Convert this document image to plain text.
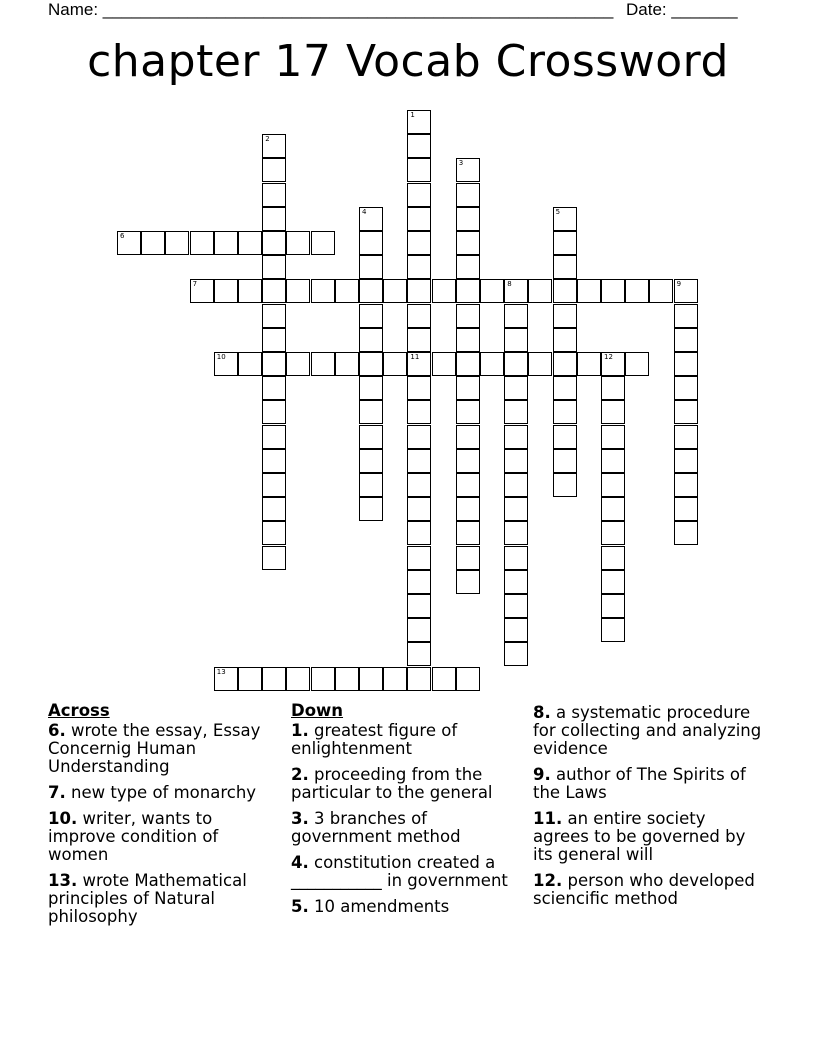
Name: ______________________________________________________ Date: _______
chapter 17 Vocab Crossword
1
11
2
3
4	5
6
7	8	9
10	12
13
Across
6. wrote the essay, Essay Concernig Human Understanding
7. new type of monarchy
10. writer, wants to improve condition of women
13. wrote Mathematical principles of Natural philosophy
Down
1. greatest figure of enlightenment
2. proceeding from the particular to the general
3. 3 branches of government method
4. constitution created a ___________ in government
5. 10 amendments
8. a systematic procedure for collecting and analyzing evidence
9. author of The Spirits of the Laws
11. an entire society agrees to be governed by its general will
12. person who developed sciencific method
